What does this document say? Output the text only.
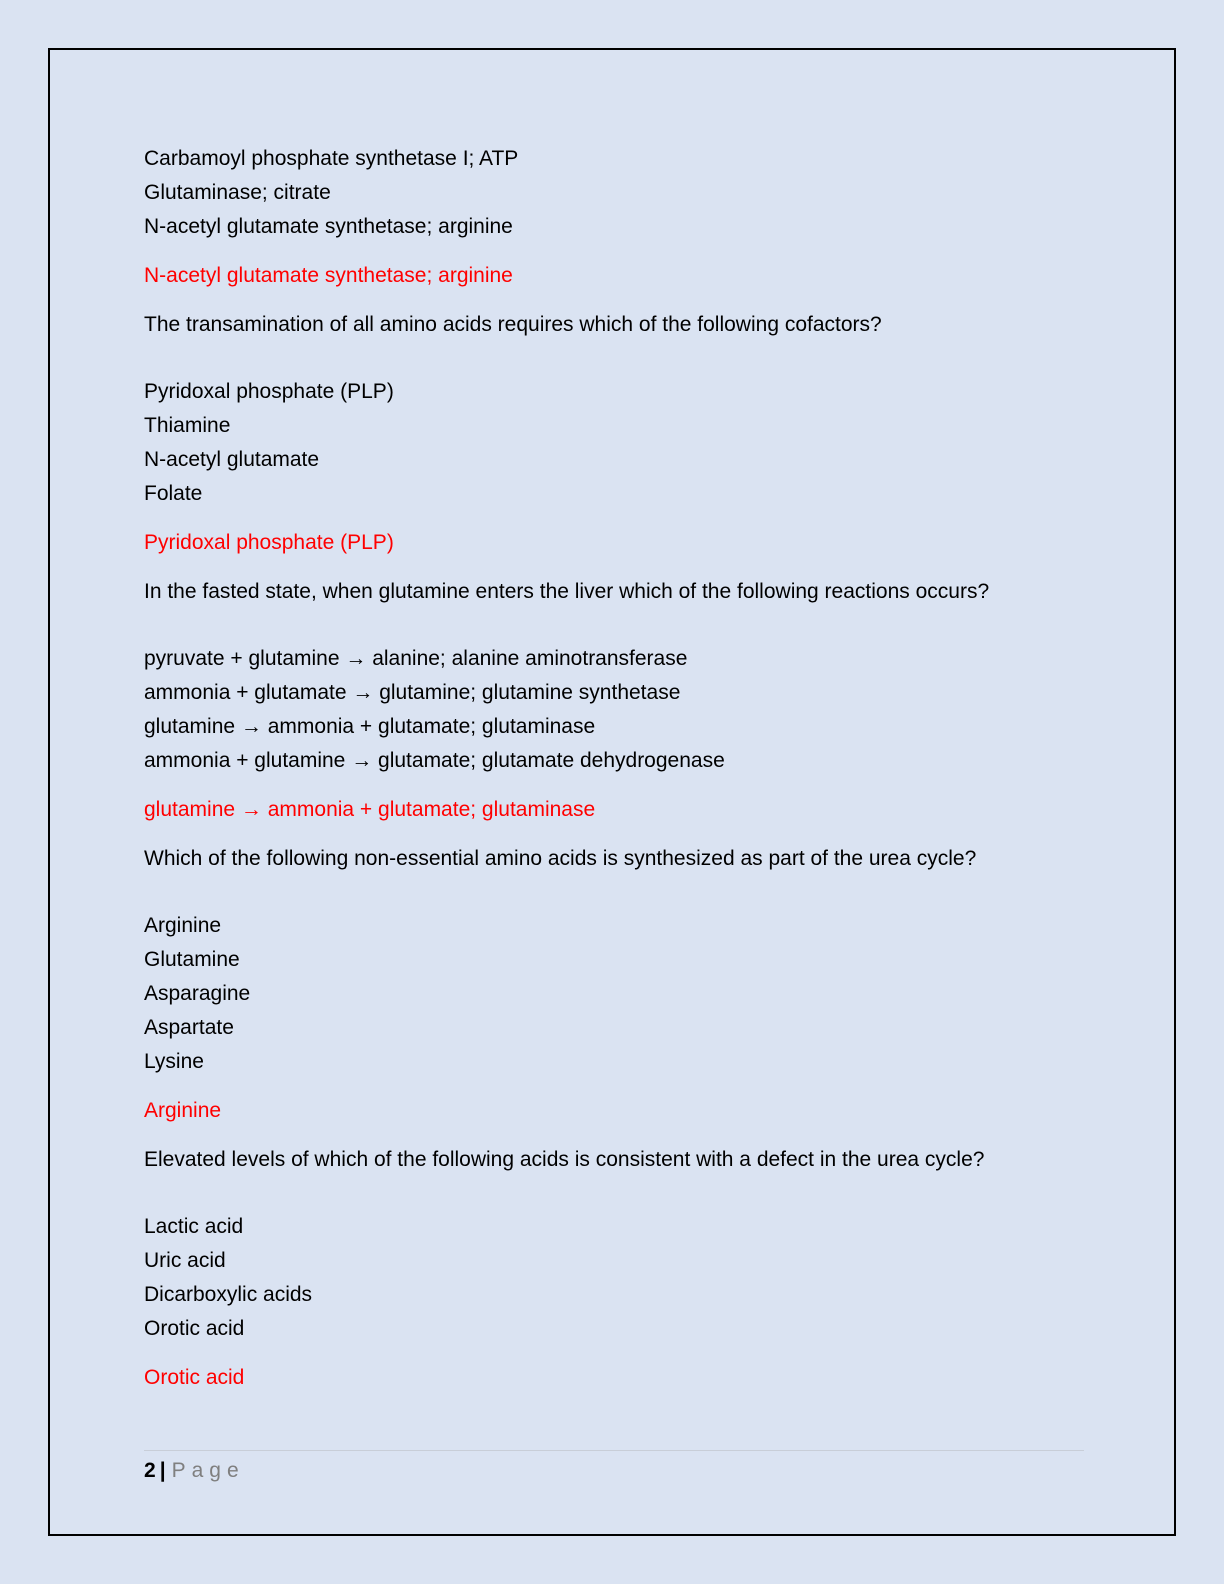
Carbamoyl phosphate synthetase I; ATP

Glutaminase; citrate

N-acetyl glutamate synthetase; arginine

N-acetyl glutamate synthetase; arginine

The transamination of all amino acids requires which of the following cofactors?

Pyridoxal phosphate (PLP)

Thiamine

N-acetyl glutamate

Folate

Pyridoxal phosphate (PLP)

In the fasted state, when glutamine enters the liver which of the following reactions occurs?

pyruvate + glutamine → alanine; alanine aminotransferase

ammonia + glutamate → glutamine; glutamine synthetase

glutamine → ammonia + glutamate; glutaminase

ammonia + glutamine → glutamate; glutamate dehydrogenase

glutamine → ammonia + glutamate; glutaminase

Which of the following non-essential amino acids is synthesized as part of the urea cycle?

Arginine

Glutamine

Asparagine

Aspartate

Lysine

Arginine

Elevated levels of which of the following acids is consistent with a defect in the urea cycle?

Lactic acid

Uric acid

Dicarboxylic acids

Orotic acid

Orotic acid

2 | Page
